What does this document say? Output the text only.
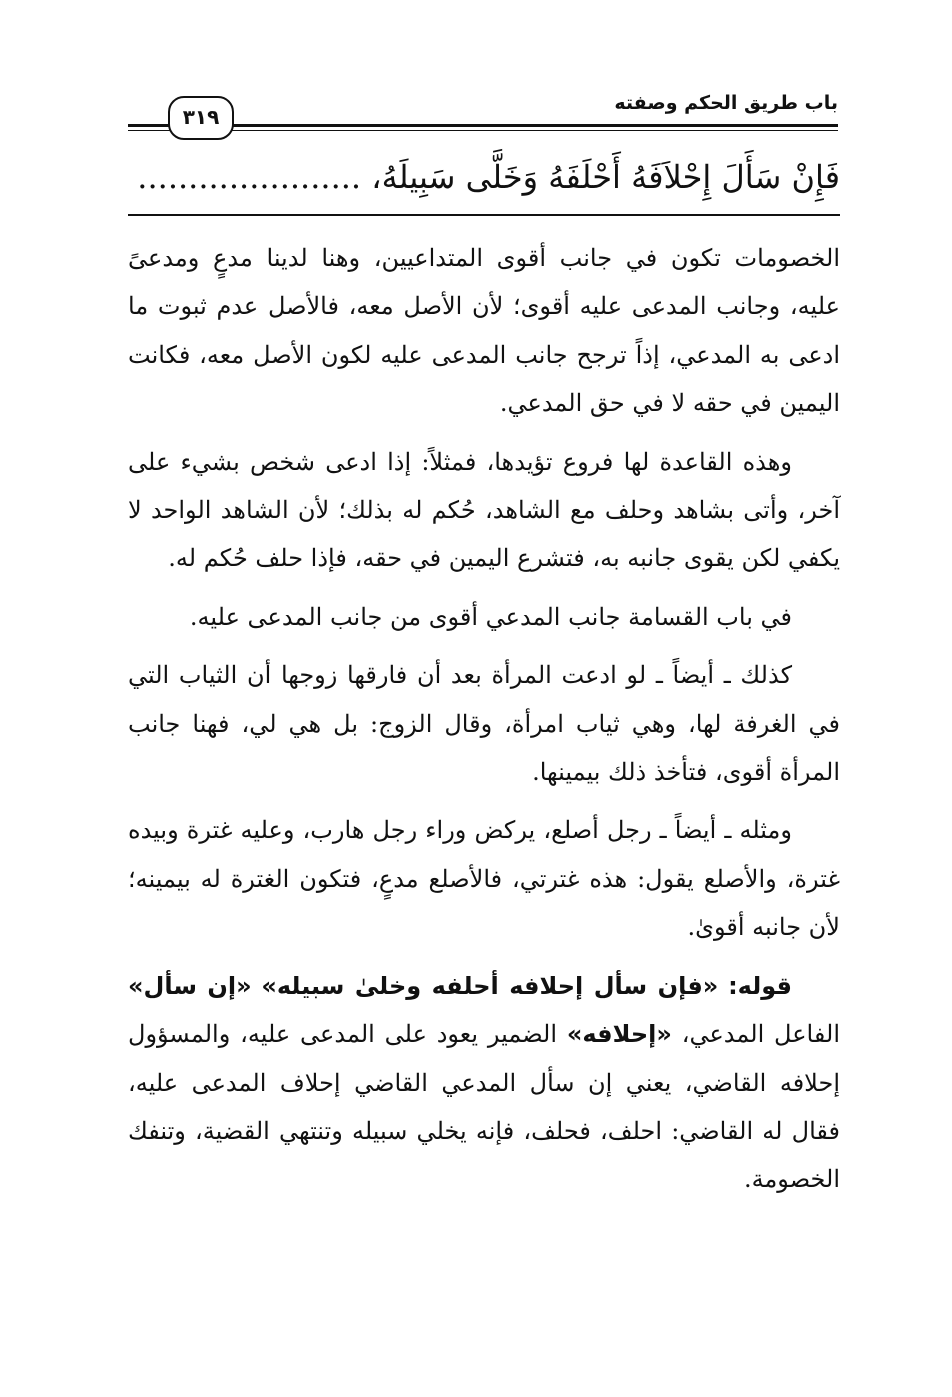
باب طريق الحكم وصفته
٣١٩
فَإِنْ سَأَلَ إِحْلاَفَهُ أَحْلَفَهُ وَخَلَّى سَبِيلَهُ، ......................

الخصومات تكون في جانب أقوى المتداعيين، وهنا لدينا مدعٍ ومدعىً عليه، وجانب المدعى عليه أقوى؛ لأن الأصل معه، فالأصل عدم ثبوت ما ادعى به المدعي، إذاً ترجح جانب المدعى عليه لكون الأصل معه، فكانت اليمين في حقه لا في حق المدعي.

وهذه القاعدة لها فروع تؤيدها، فمثلاً: إذا ادعى شخص بشيء على آخر، وأتى بشاهد وحلف مع الشاهد، حُكم له بذلك؛ لأن الشاهد الواحد لا يكفي لكن يقوى جانبه به، فتشرع اليمين في حقه، فإذا حلف حُكم له.

في باب القسامة جانب المدعي أقوى من جانب المدعى عليه.

كذلك ـ أيضاً ـ لو ادعت المرأة بعد أن فارقها زوجها أن الثياب التي في الغرفة لها، وهي ثياب امرأة، وقال الزوج: بل هي لي، فهنا جانب المرأة أقوى، فتأخذ ذلك بيمينها.

ومثله ـ أيضاً ـ رجل أصلع، يركض وراء رجل هارب، وعليه غترة وبيده غترة، والأصلع يقول: هذه غترتي، فالأصلع مدعٍ، فتكون الغترة له بيمينه؛ لأن جانبه أقوىٰ.

قوله: «فإن سأل إحلافه أحلفه وخلىٰ سبيله» «إن سأل» الفاعل المدعي، «إحلافه» الضمير يعود على المدعى عليه، والمسؤول إحلافه القاضي، يعني إن سأل المدعي القاضي إحلاف المدعى عليه، فقال له القاضي: احلف، فحلف، فإنه يخلي سبيله وتنتهي القضية، وتنفك الخصومة.
